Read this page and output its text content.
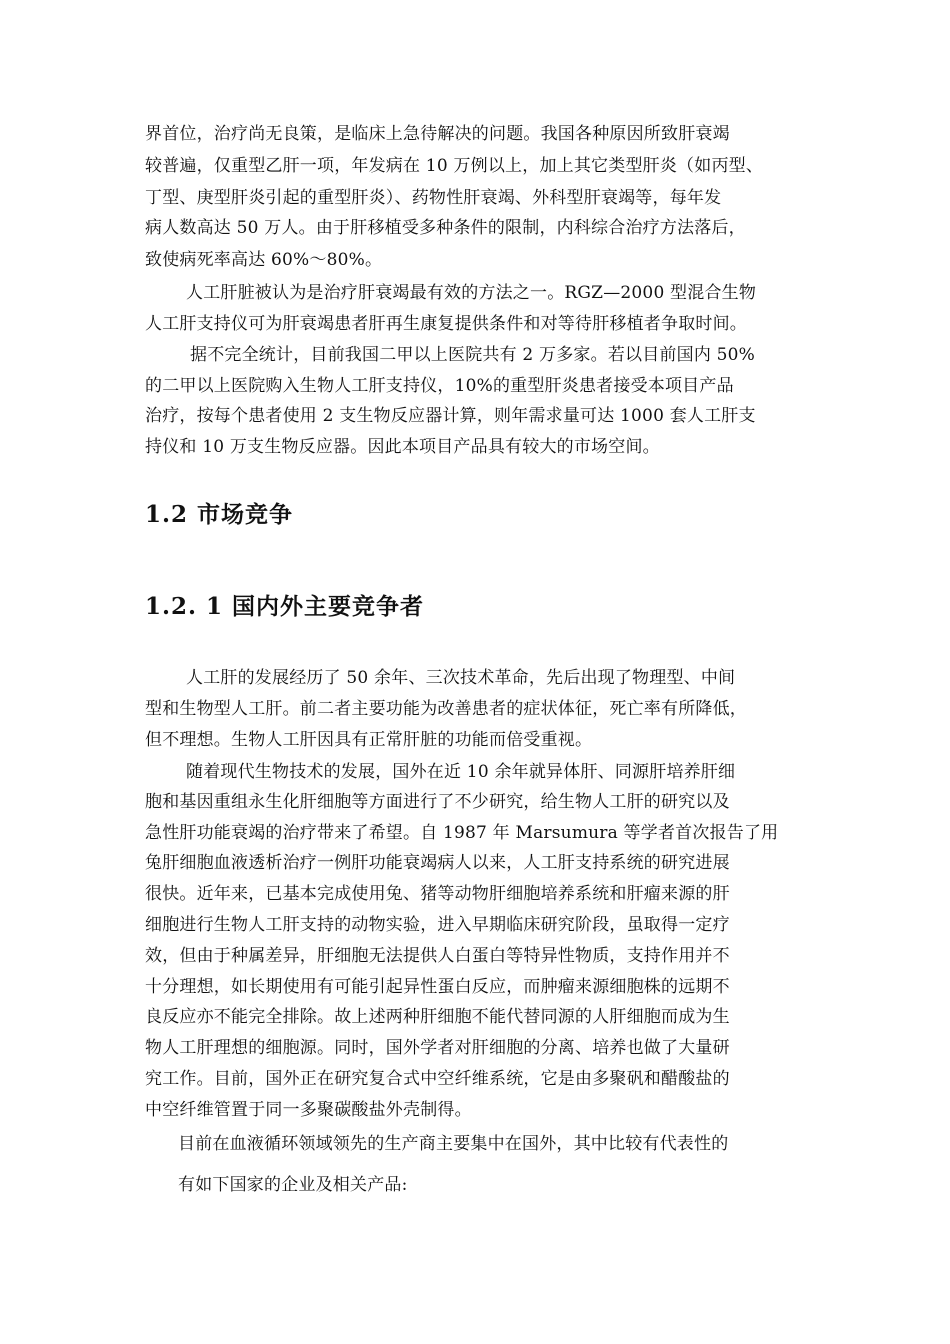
界首位，治疗尚无良策，是临床上急待解决的问题。我国各种原因所致肝衰竭
较普遍，仅重型乙肝一项，年发病在 10 万例以上，加上其它类型肝炎（如丙型、
丁型、庚型肝炎引起的重型肝炎）、药物性肝衰竭、外科型肝衰竭等，每年发
病人数高达 50 万人。由于肝移植受多种条件的限制，内科综合治疗方法落后，
致使病死率高达 60%～80%。
人工肝脏被认为是治疗肝衰竭最有效的方法之一。RGZ—2000 型混合生物
人工肝支持仪可为肝衰竭患者肝再生康复提供条件和对等待肝移植者争取时间。
据不完全统计，目前我国二甲以上医院共有 2 万多家。若以目前国内 50%
的二甲以上医院购入生物人工肝支持仪，10%的重型肝炎患者接受本项目产品
治疗，按每个患者使用 2 支生物反应器计算，则年需求量可达 1000 套人工肝支
持仪和 10 万支生物反应器。因此本项目产品具有较大的市场空间。
1.2 市场竞争
1.2. 1 国内外主要竞争者
人工肝的发展经历了 50 余年、三次技术革命，先后出现了物理型、中间
型和生物型人工肝。前二者主要功能为改善患者的症状体征，死亡率有所降低，
但不理想。生物人工肝因具有正常肝脏的功能而倍受重视。
随着现代生物技术的发展，国外在近 10 余年就异体肝、同源肝培养肝细
胞和基因重组永生化肝细胞等方面进行了不少研究，给生物人工肝的研究以及
急性肝功能衰竭的治疗带来了希望。自 1987 年 Marsumura 等学者首次报告了用
兔肝细胞血液透析治疗一例肝功能衰竭病人以来，人工肝支持系统的研究进展
很快。近年来，已基本完成使用兔、猪等动物肝细胞培养系统和肝瘤来源的肝
细胞进行生物人工肝支持的动物实验，进入早期临床研究阶段，虽取得一定疗
效，但由于种属差异，肝细胞无法提供人白蛋白等特异性物质，支持作用并不
十分理想，如长期使用有可能引起异性蛋白反应，而肿瘤来源细胞株的远期不
良反应亦不能完全排除。故上述两种肝细胞不能代替同源的人肝细胞而成为生
物人工肝理想的细胞源。同时，国外学者对肝细胞的分离、培养也做了大量研
究工作。目前，国外正在研究复合式中空纤维系统，它是由多聚矾和醋酸盐的
中空纤维管置于同一多聚碳酸盐外壳制得。
目前在血液循环领域领先的生产商主要集中在国外，其中比较有代表性的
有如下国家的企业及相关产品:
